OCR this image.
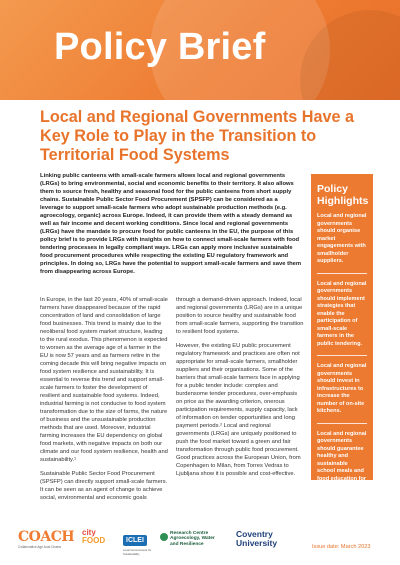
Policy Brief
Local and Regional Governments Have a Key Role to Play in the Transition to Territorial Food Systems
Linking public canteens with small-scale farmers allows local and regional governments (LRGs) to bring environmental, social and economic benefits to their territory. It also allows them to source fresh, healthy and seasonal food for the public canteens from short supply chains. Sustainable Public Sector Food Procurement (SPSFP) can be considered as a leverage to support small-scale farmers who adopt sustainable production methods (e.g. agroecology, organic) across Europe. Indeed, it can provide them with a steady demand as well as fair income and decent working conditions. Since local and regional governments (LRGs) have the mandate to procure food for public canteens in the EU, the purpose of this policy brief is to provide LRGs with insights on how to connect small-scale farmers with food tendering processes in legally compliant ways. LRGs can apply more inclusive sustainable food procurement procedures while respecting the existing EU regulatory framework and principles. In doing so, LRGs have the potential to support small-scale farmers and save them from disappearing across Europe.

In Europe, in the last 20 years, 40% of small-scale farmers have disappeared because of the rapid concentration of land and consolidation of large food businesses. This trend is mainly due to the neoliberal food system market structure, leading to the rural exodus. This phenomenon is expected to worsen as the average age of a farmer in the EU is now 57 years and as farmers retire in the coming decade this will bring negative impacts on food system resilience and sustainability. It is essential to reverse this trend and support small-scale farmers to foster the development of resilient and sustainable food systems. Indeed, industrial farming is not conducive to food system transformation due to the size of farms, the nature of business and the unsustainable production methods that are used. Moreover, industrial farming increases the EU dependency on global food markets, with negative impacts on both our climate and our food system resilience, health and sustainability.¹

Sustainable Public Sector Food Procurement (SPSFP) can directly support small-scale farmers. It can be seen as an agent of change to achieve social, environmental and economic goals

through a demand-driven approach. Indeed, local and regional governments (LRGs) are in a unique position to source healthy and sustainable food from small-scale farmers, supporting the transition to resilient food systems.

However, the existing EU public procurement regulatory framework and practices are often not appropriate for small-scale farmers, smallholder suppliers and their organisations. Some of the barriers that small-scale farmers face in applying for a public tender include: complex and burdensome tender procedures, over-emphasis on price as the awarding criterion, onerous participation requirements, supply capacity, lack of information on tender opportunities and long payment periods.² Local and regional governments (LRGs) are uniquely positioned to push the food market toward a green and fair transformation through public food procurement. Good practices across the European Union, from Copenhagen to Milan, from Torres Vedras to Ljubljana show it is possible and cost-effective.

Policy Highlights
Local and regional governments should organise market engagements with smallholder suppliers.
Local and regional governments should implement strategies that enable the participation of small-scale farmers in the public tendering.
Local and regional governments should invest in infrastructures to increase the number of on-site kitchens.
Local and regional governments should guarantee healthy and sustainable school meals and food education for every school child.
COACH
Collaborative Agri-food Chains
city
FOOD	ICLEI
Local Governments for Sustainability
Research Centre
Agroecology, Water
and Resilience
Coventry
University	Issue date: March 2023
